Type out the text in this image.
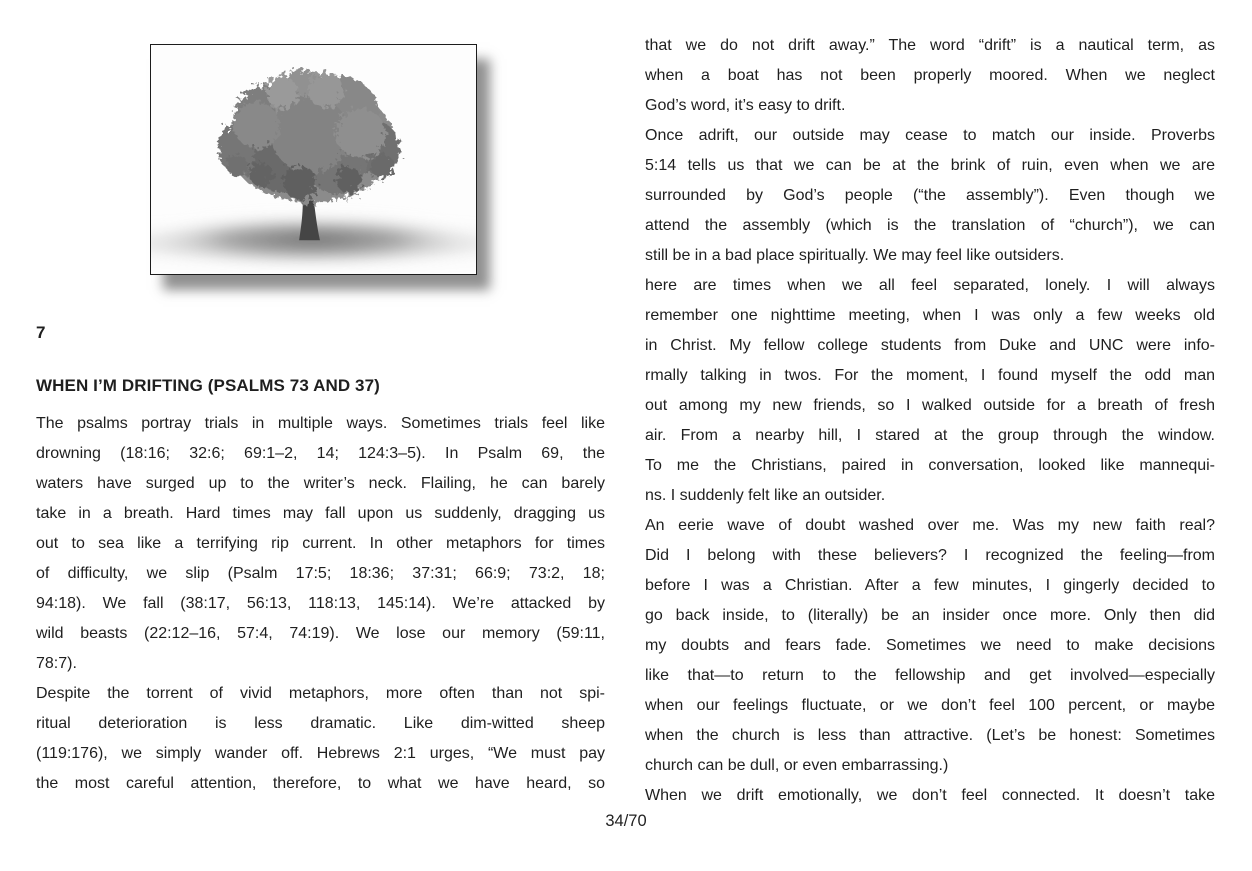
7
WHEN I’M DRIFTING (PSALMS 73 AND 37)
The psalms portray trials in multiple ways. Sometimes trials feel like
drowning (18:16; 32:6; 69:1–2, 14; 124:3–5). In Psalm 69, the
waters have surged up to the writer’s neck. Flailing, he can barely
take in a breath. Hard times may fall upon us suddenly, dragging us
out to sea like a terrifying rip current. In other metaphors for times
of difficulty, we slip (Psalm 17:5; 18:36; 37:31; 66:9; 73:2, 18;
94:18). We fall (38:17, 56:13, 118:13, 145:14). We’re attacked by
wild beasts (22:12–16, 57:4, 74:19). We lose our memory (59:11,
78:7).
Despite the torrent of vivid metaphors, more often than not spi-
ritual deterioration is less dramatic. Like dim-witted sheep
(119:176), we simply wander off. Hebrews 2:1 urges, “We must pay
the most careful attention, therefore, to what we have heard, so
that we do not drift away.” The word “drift” is a nautical term, as
when a boat has not been properly moored. When we neglect
God’s word, it’s easy to drift.
Once adrift, our outside may cease to match our inside. Proverbs
5:14 tells us that we can be at the brink of ruin, even when we are
surrounded by God’s people (“the assembly”). Even though we
attend the assembly (which is the translation of “church”), we can
still be in a bad place spiritually. We may feel like outsiders.
here are times when we all feel separated, lonely. I will always
remember one nighttime meeting, when I was only a few weeks old
in Christ. My fellow college students from Duke and UNC were info-
rmally talking in twos. For the moment, I found myself the odd man
out among my new friends, so I walked outside for a breath of fresh
air. From a nearby hill, I stared at the group through the window.
To me the Christians, paired in conversation, looked like mannequi-
ns. I suddenly felt like an outsider.
An eerie wave of doubt washed over me. Was my new faith real?
Did I belong with these believers? I recognized the feeling—from
before I was a Christian. After a few minutes, I gingerly decided to
go back inside, to (literally) be an insider once more. Only then did
my doubts and fears fade. Sometimes we need to make decisions
like that—to return to the fellowship and get involved—especially
when our feelings fluctuate, or we don’t feel 100 percent, or maybe
when the church is less than attractive. (Let’s be honest: Sometimes
church can be dull, or even embarrassing.)
When we drift emotionally, we don’t feel connected. It doesn’t take
34/70
